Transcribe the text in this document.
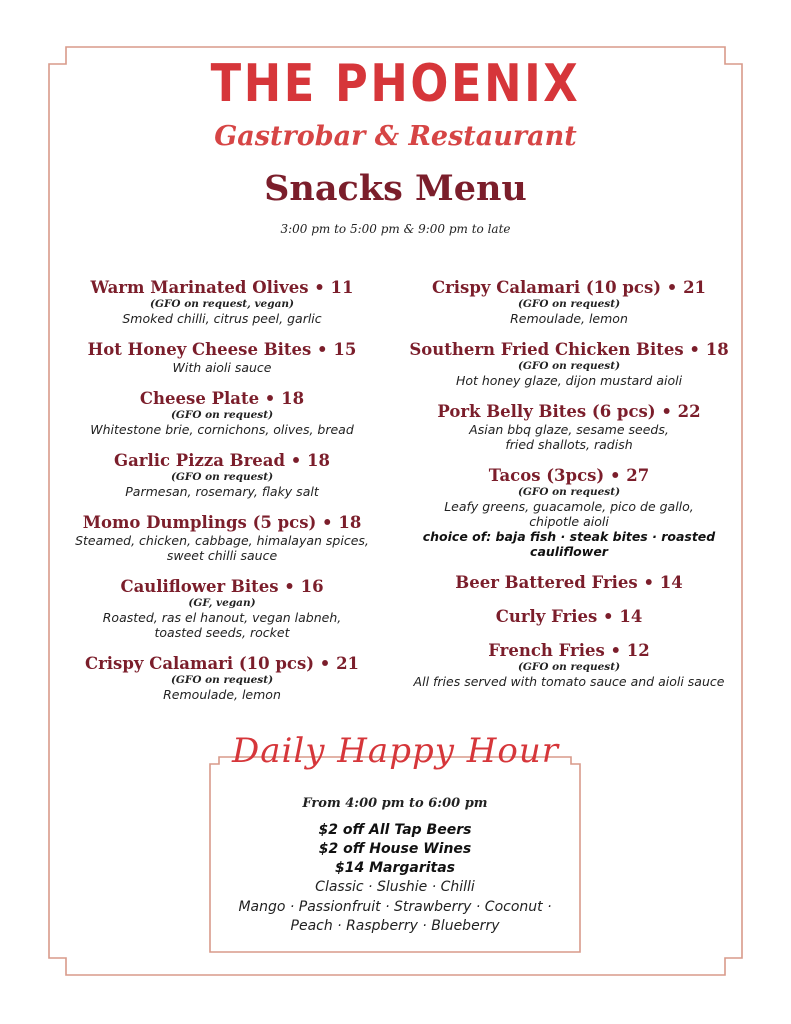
THE PHOENIX
Gastrobar & Restaurant
Snacks Menu
3:00 pm to 5:00 pm & 9:00 pm to late
Warm Marinated Olives • 11
(GFO on request, vegan)
Smoked chilli, citrus peel, garlic
Hot Honey Cheese Bites • 15
With aioli sauce
Cheese Plate • 18
(GFO on request)
Whitestone brie, cornichons, olives, bread
Garlic Pizza Bread • 18
(GFO on request)
Parmesan, rosemary, flaky salt
Momo Dumplings (5 pcs) • 18
Steamed, chicken, cabbage, himalayan spices,
sweet chilli sauce
Cauliflower Bites • 16
(GF, vegan)
Roasted, ras el hanout, vegan labneh,
toasted seeds, rocket
Crispy Calamari (10 pcs) • 21
(GFO on request)
Remoulade, lemon
Crispy Calamari (10 pcs) • 21
(GFO on request)
Remoulade, lemon
Southern Fried Chicken Bites • 18
(GFO on request)
Hot honey glaze, dijon mustard aioli
Pork Belly Bites (6 pcs) • 22
Asian bbq glaze, sesame seeds,
fried shallots, radish
Tacos (3pcs) • 27
(GFO on request)
Leafy greens, guacamole, pico de gallo,
chipotle aioli
choice of: baja fish · steak bites · roasted
cauliflower
Beer Battered Fries • 14
Curly Fries • 14
French Fries • 12
(GFO on request)
All fries served with tomato sauce and aioli sauce
Daily Happy Hour
From 4:00 pm to 6:00 pm
$2 off All Tap Beers
$2 off House Wines
$14 Margaritas
Classic · Slushie · Chilli
Mango · Passionfruit · Strawberry · Coconut ·
Peach · Raspberry · Blueberry
